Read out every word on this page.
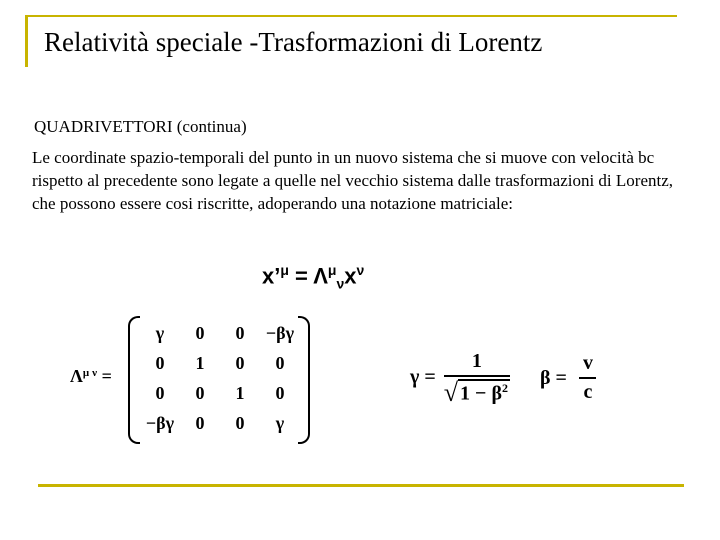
Relatività speciale -Trasformazioni di Lorentz
QUADRIVETTORI (continua)
Le coordinate spazio-temporali del punto in un nuovo sistema che si muove con velocità bc rispetto al precedente sono legate a quelle nel vecchio sistema dalle trasformazioni di Lorentz, che possono essere cosi riscritte, adoperando una notazione matriciale:
x’$^\mu$ = $\Lambda^\mu_\nu x^\nu$
$\Lambda^\mu$ $^\nu$ =
γ	0	0	−βγ
0	1	0	0
0	0	1	0
−βγ	0	0	γ
$\gamma = \frac{1}{√ 1 - \beta^2}$ $\beta = \frac{v}{c}$
